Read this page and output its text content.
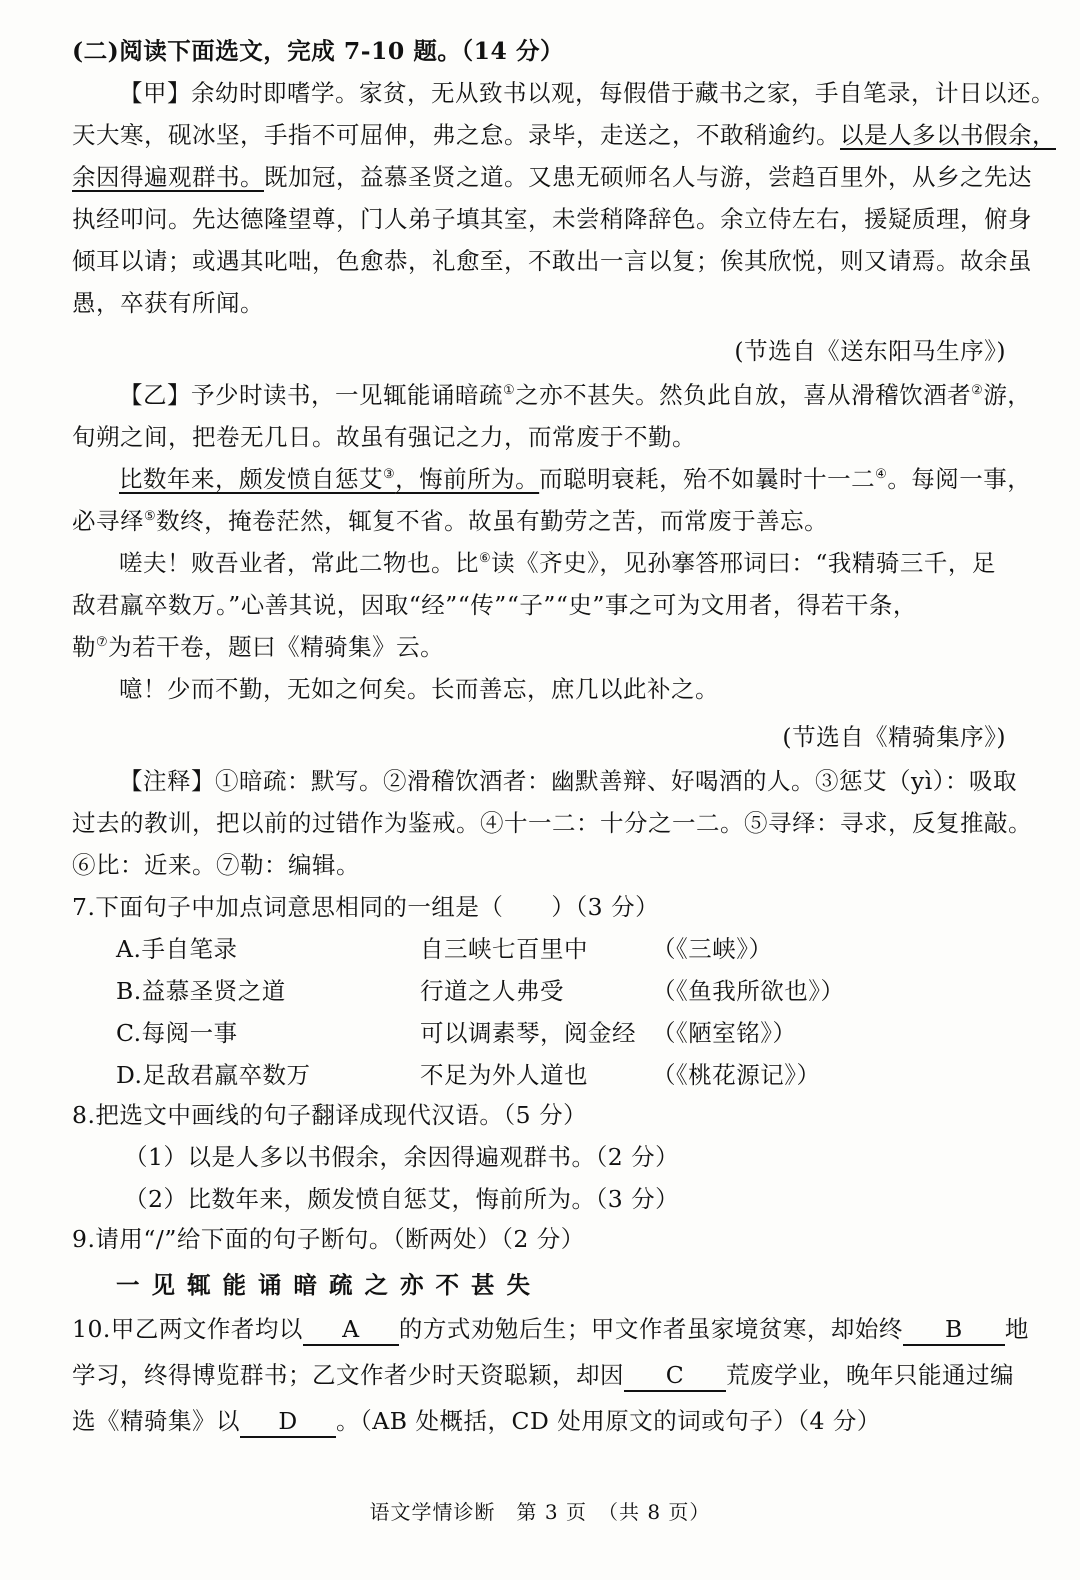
(二)阅读下面选文，完成 7-10 题。（14 分）

【甲】余幼时即嗜学。家贫，无从致书以观，每假借于藏书之家，手自笔录，计日以还。

天大寒，砚冰坚，手指不可屈伸，弗之怠。录毕，走送之，不敢稍逾约。以是人多以书假余，

余因得遍观群书。既加冠，益慕圣贤之道。又患无硕师名人与游，尝趋百里外，从乡之先达

执经叩问。先达德隆望尊，门人弟子填其室，未尝稍降辞色。余立侍左右，援疑质理，俯身

倾耳以请；或遇其叱咄，色愈恭，礼愈至，不敢出一言以复；俟其欣悦，则又请焉。故余虽

愚，卒获有所闻。

(节选自《送东阳马生序》)

【乙】予少时读书，一见辄能诵暗疏①之亦不甚失。然负此自放，喜从滑稽饮酒者②游，

旬朔之间，把卷无几日。故虽有强记之力，而常废于不勤。

比数年来，颇发愤自惩艾③，悔前所为。而聪明衰耗，殆不如曩时十一二④。每阅一事，

必寻绎⑤数终，掩卷茫然，辄复不省。故虽有勤劳之苦，而常废于善忘。

嗟夫！败吾业者，常此二物也。比⑥读《齐史》，见孙搴答邢词曰：“我精骑三千，足

敌君羸卒数万。”心善其说，因取“经”“传”“子”“史”事之可为文用者，得若干条，

勒⑦为若干卷，题曰《精骑集》云。

噫！少而不勤，无如之何矣。长而善忘，庶几以此补之。

(节选自《精骑集序》)

【注释】①暗疏：默写。②滑稽饮酒者：幽默善辩、好喝酒的人。③惩艾（yì）：吸取

过去的教训，把以前的过错作为鉴戒。④十一二：十分之一二。⑤寻绎：寻求，反复推敲。

⑥比：近来。⑦勒：编辑。

7.下面句子中加点词意思相同的一组是（　　）（3 分）
A.手自笔录	自三峡七百里中	（《三峡》）
B.益慕圣贤之道	行道之人弗受	（《鱼我所欲也》）
C.每阅一事	可以调素琴，阅金经 （《陋室铭》）
D.足敌君羸卒数万	不足为外人道也	（《桃花源记》）
8.把选文中画线的句子翻译成现代汉语。（5 分）
（1）以是人多以书假余，余因得遍观群书。（2 分）
（2）比数年来，颇发愤自惩艾，悔前所为。（3 分）
9.请用“/”给下面的句子断句。（断两处）（2 分）
一见辄能诵暗疏之亦不甚失

10.甲乙两文作者均以 A 的方式劝勉后生；甲文作者虽家境贫寒，却始终 B 地

学习，终得博览群书；乙文作者少时天资聪颖，却因 C 荒废学业，晚年只能通过编

选《精骑集》以 D 。（AB 处概括，CD 处用原文的词或句子）（4 分）

语文学情诊断　第 3 页　（共 8 页）
